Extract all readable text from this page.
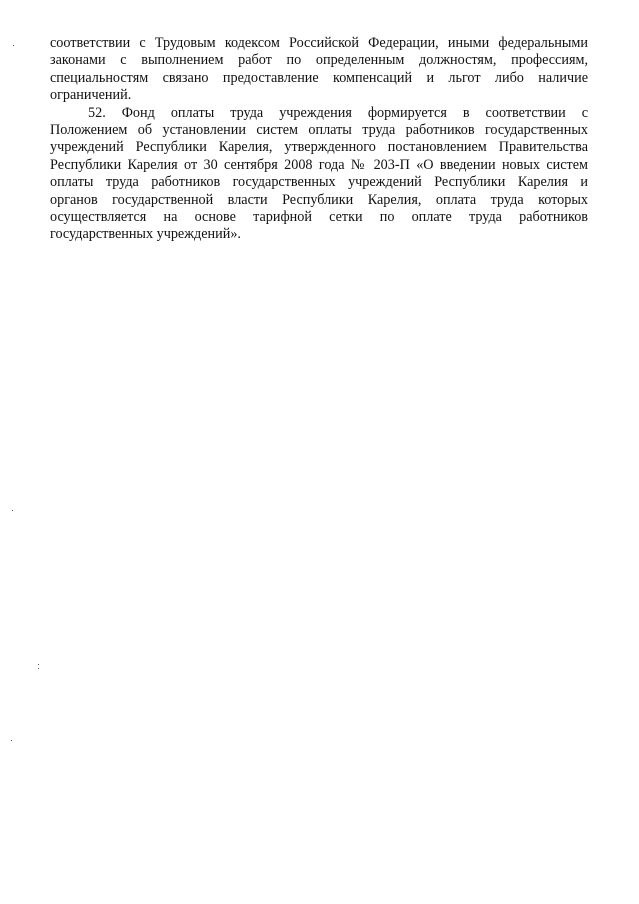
соответствии с Трудовым кодексом Российской Федерации, иными федеральными
законами с выполнением работ по определенным должностям, профессиям,
специальностям связано предоставление компенсаций и льгот либо наличие
ограничений.
52. Фонд оплаты труда учреждения формируется в соответствии с
Положением об установлении систем оплаты труда работников государственных
учреждений Республики Карелия, утвержденного постановлением Правительства
Республики Карелия от 30 сентября 2008 года № 203-П «О введении новых систем
оплаты труда работников государственных учреждений Республики Карелия и
органов государственной власти Республики Карелия, оплата труда которых
осуществляется на основе тарифной сетки по оплате труда работников
государственных учреждений».
